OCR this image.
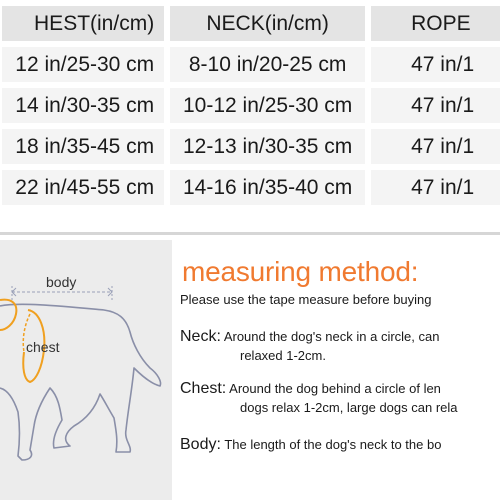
HEST(in/cm)	NECK(in/cm)	ROPE
12 in/25-30 cm	8-10 in/20-25 cm	47 in/1
14 in/30-35 cm	10-12 in/25-30 cm	47 in/1
18 in/35-45 cm	12-13 in/30-35 cm	47 in/1
22 in/45-55 cm	14-16 in/35-40 cm	47 in/1
body
chest
measuring method:
Please use the tape measure before buying
Neck: Around the dog's neck in a circle, can
relaxed 1-2cm.
Chest: Around the dog behind a circle of len
dogs relax 1-2cm, large dogs can rela
Body: The length of the dog's neck to the bo
